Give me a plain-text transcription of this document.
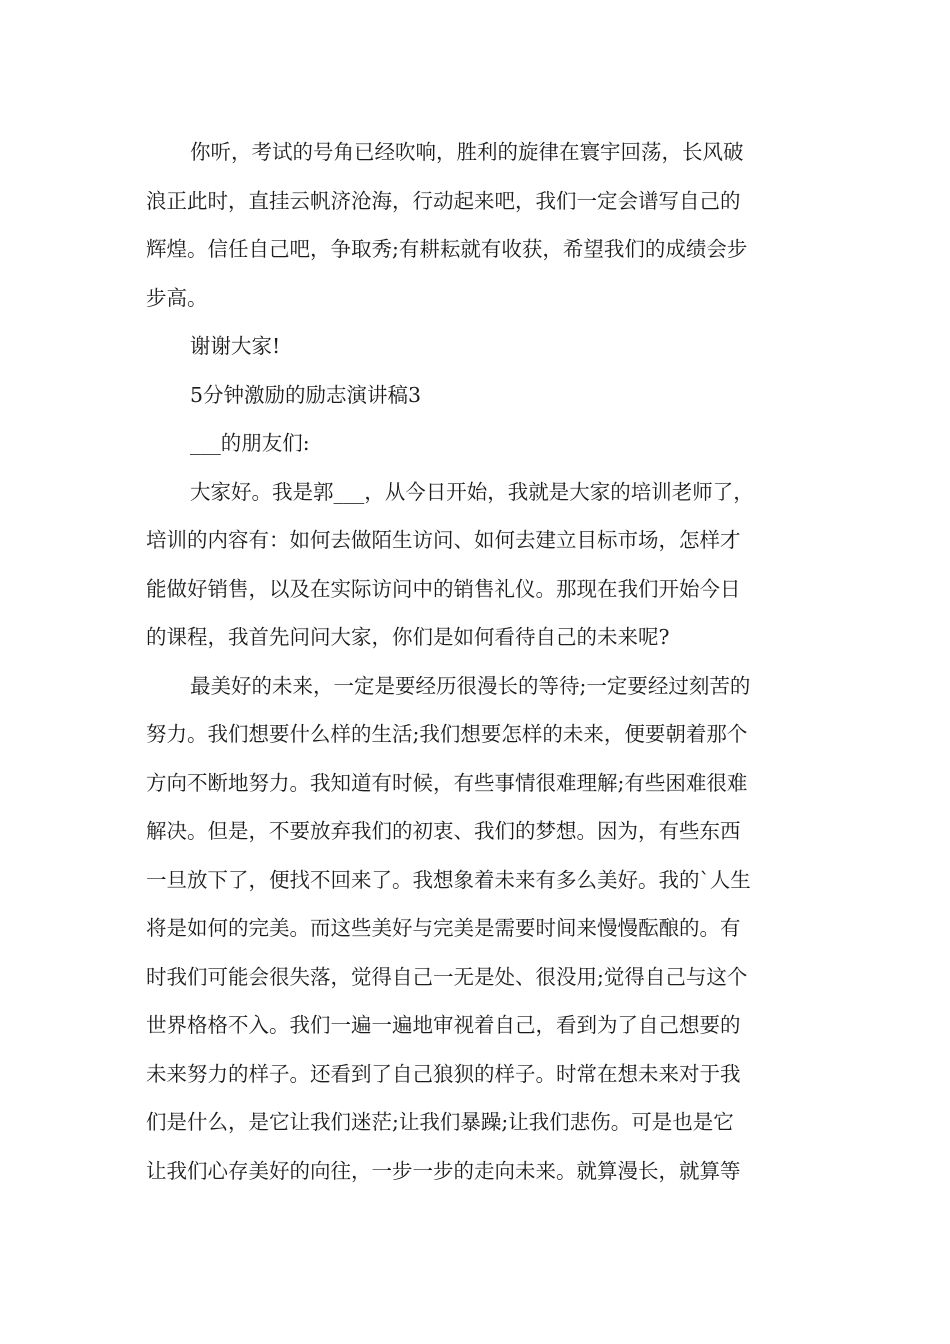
你听，考试的号角已经吹响，胜利的旋律在寰宇回荡，长风破
浪正此时，直挂云帆济沧海，行动起来吧，我们一定会谱写自己的
辉煌。信任自己吧，争取秀;有耕耘就有收获，希望我们的成绩会步
步高。
谢谢大家!
5分钟激励的励志演讲稿3
___的朋友们:
大家好。我是郭___，从今日开始，我就是大家的培训老师了，
培训的内容有：如何去做陌生访问、如何去建立目标市场，怎样才
能做好销售，以及在实际访问中的销售礼仪。那现在我们开始今日
的课程，我首先问问大家，你们是如何看待自己的未来呢?
最美好的未来，一定是要经历很漫长的等待;一定要经过刻苦的
努力。我们想要什么样的生活;我们想要怎样的未来，便要朝着那个
方向不断地努力。我知道有时候，有些事情很难理解;有些困难很难
解决。但是，不要放弃我们的初衷、我们的梦想。因为，有些东西
一旦放下了，便找不回来了。我想象着未来有多么美好。我的`人生
将是如何的完美。而这些美好与完美是需要时间来慢慢酝酿的。有
时我们可能会很失落，觉得自己一无是处、很没用;觉得自己与这个
世界格格不入。我们一遍一遍地审视着自己，看到为了自己想要的
未来努力的样子。还看到了自己狼狈的样子。时常在想未来对于我
们是什么，是它让我们迷茫;让我们暴躁;让我们悲伤。可是也是它
让我们心存美好的向往，一步一步的走向未来。就算漫长，就算等
